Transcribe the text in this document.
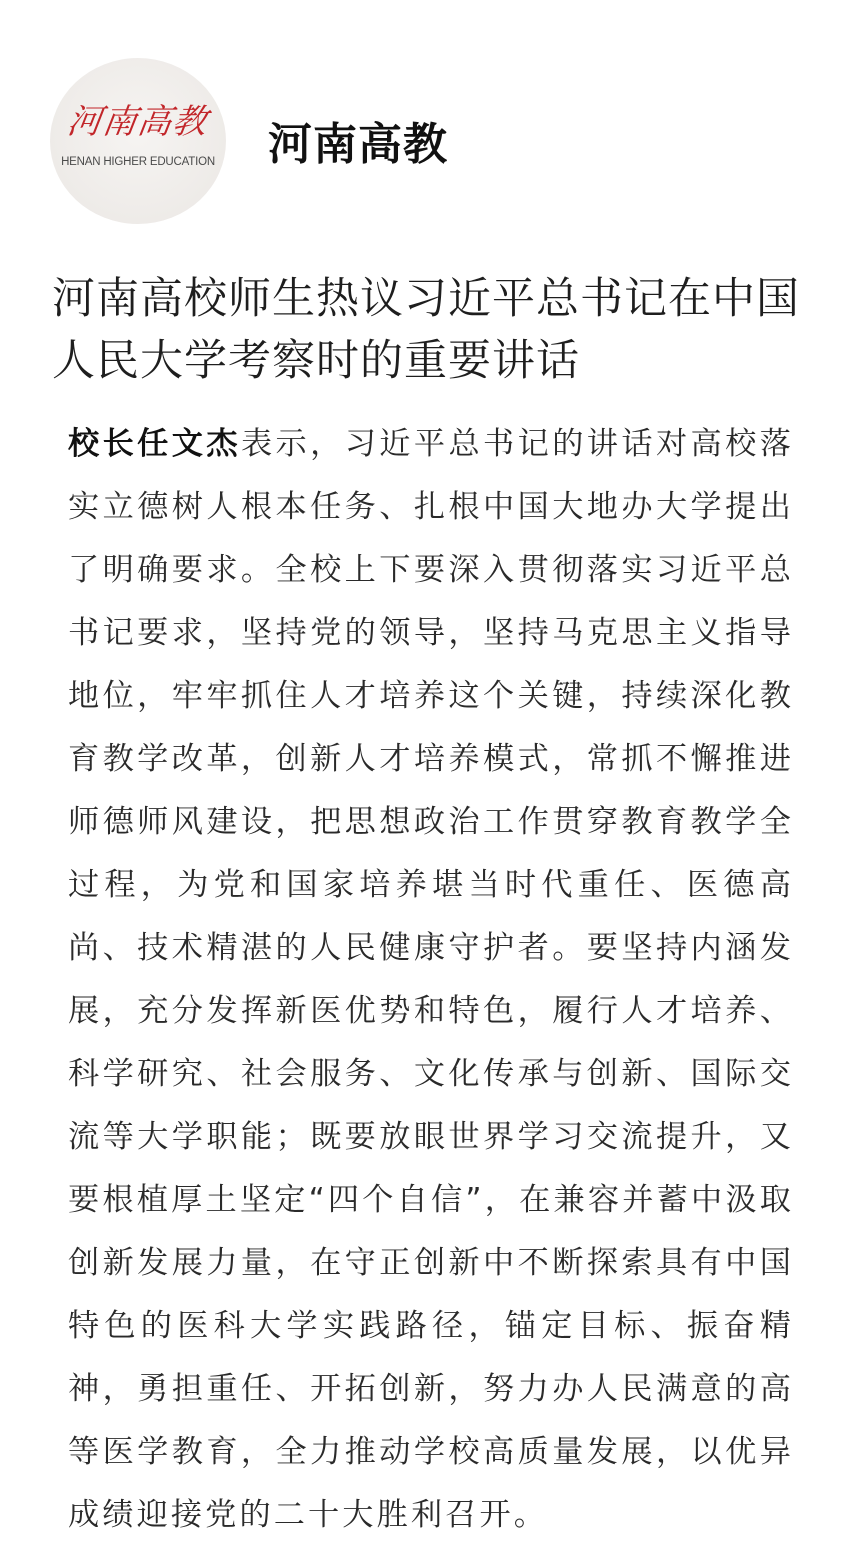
河南高教
HENAN HIGHER EDUCATION 河南高教
河南高校师生热议习近平总书记在中国人民大学考察时的重要讲话

校长任文杰表示，习近平总书记的讲话对高校落实立德树人根本任务、扎根中国大地办大学提出了明确要求。全校上下要深入贯彻落实习近平总书记要求，坚持党的领导，坚持马克思主义指导地位，牢牢抓住人才培养这个关键，持续深化教育教学改革，创新人才培养模式，常抓不懈推进师德师风建设，把思想政治工作贯穿教育教学全过程，为党和国家培养堪当时代重任、医德高尚、技术精湛的人民健康守护者。要坚持内涵发展，充分发挥新医优势和特色，履行人才培养、科学研究、社会服务、文化传承与创新、国际交流等大学职能；既要放眼世界学习交流提升，又要根植厚土坚定“四个自信”，在兼容并蓄中汲取创新发展力量，在守正创新中不断探索具有中国特色的医科大学实践路径，锚定目标、振奋精神，勇担重任、开拓创新，努力办人民满意的高等医学教育，全力推动学校高质量发展，以优异成绩迎接党的二十大胜利召开。
